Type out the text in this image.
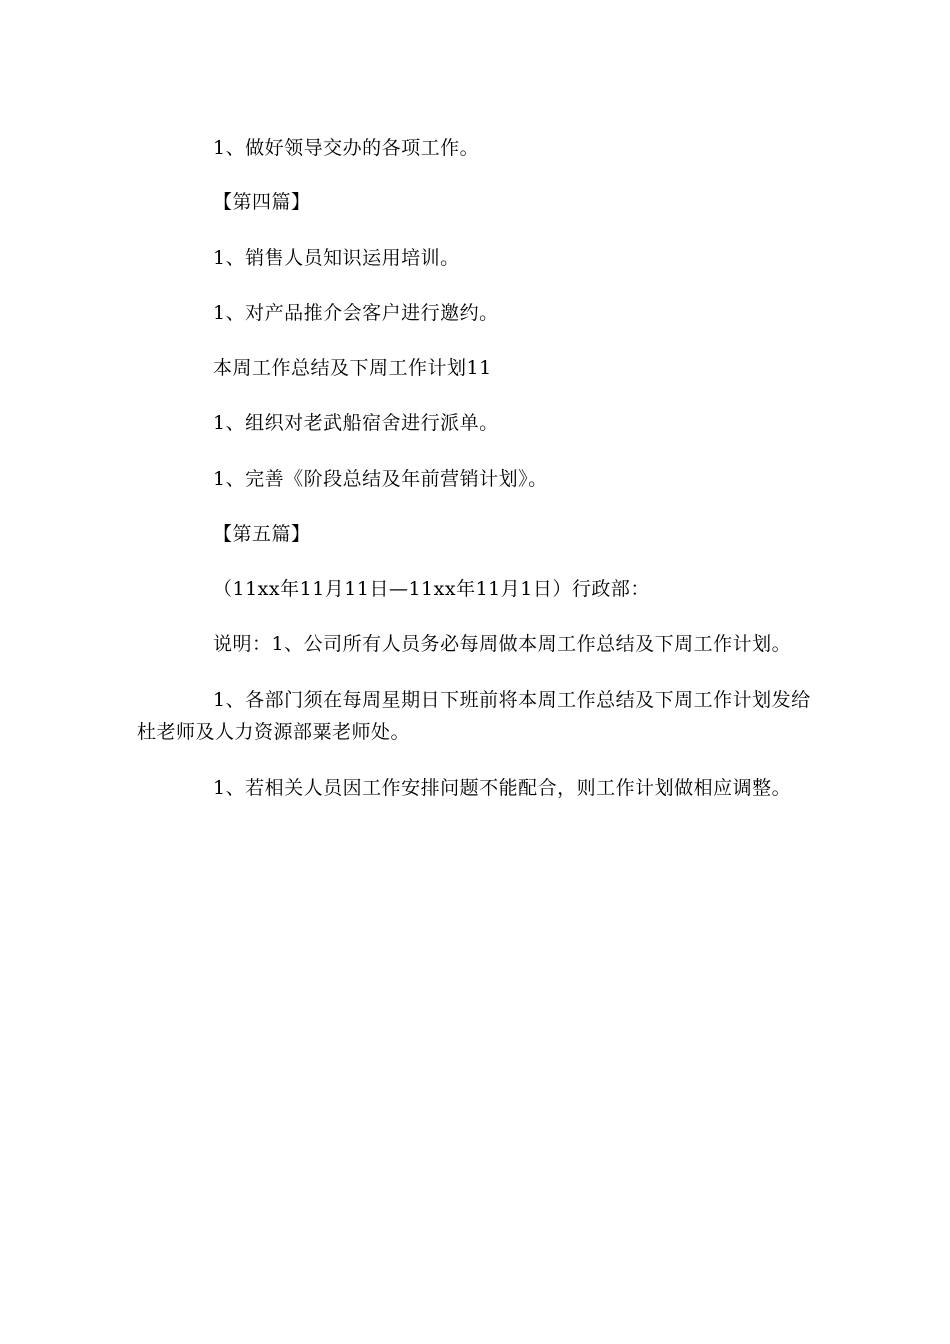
1、做好领导交办的各项工作。
【第四篇】
1、销售人员知识运用培训。
1、对产品推介会客户进行邀约。
本周工作总结及下周工作计划11
1、组织对老武船宿舍进行派单。
1、完善《阶段总结及年前营销计划》。
【第五篇】
（11xx年11月11日—11xx年11月1日）行政部：
说明：1、公司所有人员务必每周做本周工作总结及下周工作计划。
1、各部门须在每周星期日下班前将本周工作总结及下周工作计划发给
杜老师及人力资源部粟老师处。
1、若相关人员因工作安排问题不能配合，则工作计划做相应调整。
